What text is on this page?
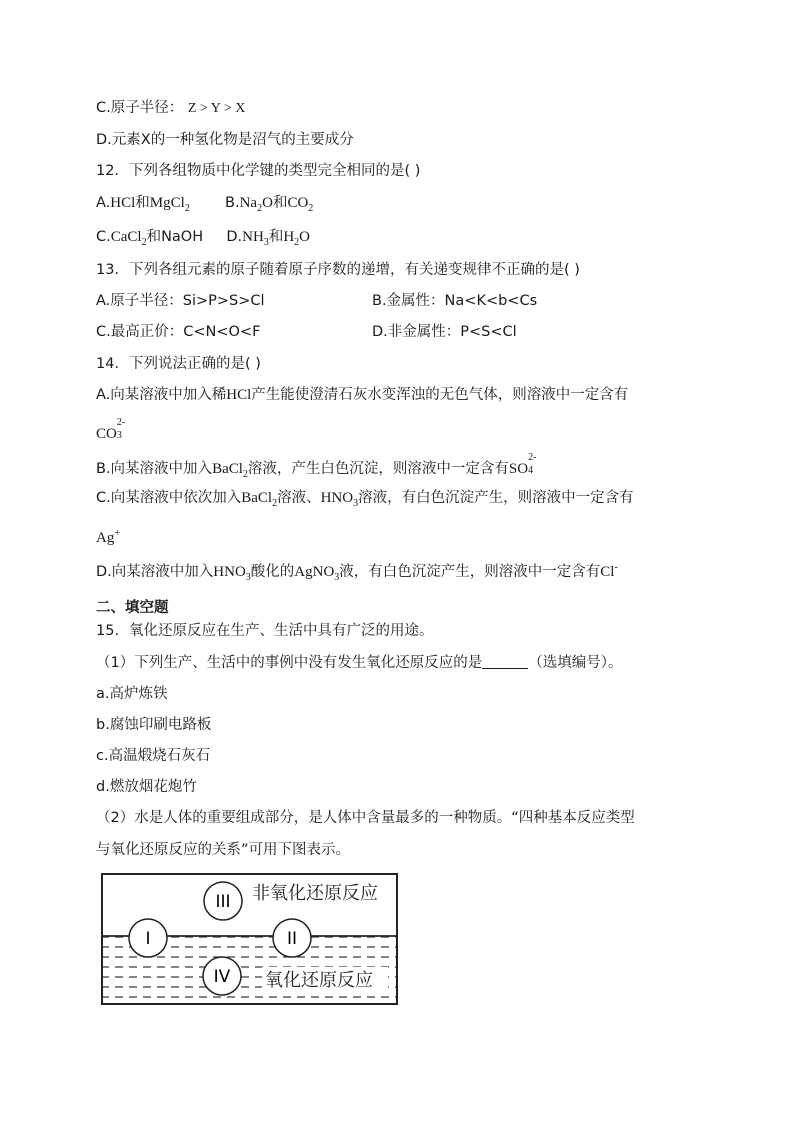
C.原子半径： Z > Y > X
D.元素X的一种氢化物是沼气的主要成分
12．下列各组物质中化学键的类型完全相同的是( )
A.HCl和MgCl$_2$ $B.Na_2O$和$CO_2$
C.CaCl$_2$和NaOH $D.NH_3$和$H_2O$
13．下列各组元素的原子随着原子序数的递增，有关递变规律不正确的是( )
A.原子半径：Si>P>S>Cl	B.金属性：Na<K<b<Cs
C.最高正价：C<N<O<F	D.非金属性：P<S<Cl
14．下列说法正确的是( )
A.向某溶液中加入稀HCl产生能使澄清石灰水变浑浊的无色气体，则溶液中一定含有
CO
2-
3
B.向某溶液中加入BaCl$_2$溶液，产生白色沉淀，则溶液中一定含有SO
2-
4
C.向某溶液中依次加入BaCl$_2$溶液、$HNO_3$溶液，有白色沉淀产生，则溶液中一定含有
Ag+
D.向某溶液中加入$HNO_3$酸化的AgNO$_3$液，有白色沉淀产生，则溶液中一定含有Cl-
二、填空题
15．氧化还原反应在生产、生活中具有广泛的用途。
（1）下列生产、生活中的事例中没有发生氧化还原反应的是	（选填编号）。
a.高炉炼铁
b.腐蚀印刷电路板
c.高温煅烧石灰石
d.燃放烟花炮竹
（2）水是人体的重要组成部分，是人体中含量最多的一种物质。“四种基本反应类型
与氧化还原反应的关系”可用下图表示。
III
I	II
IV
非氧化还原反应
氧化还原反应
